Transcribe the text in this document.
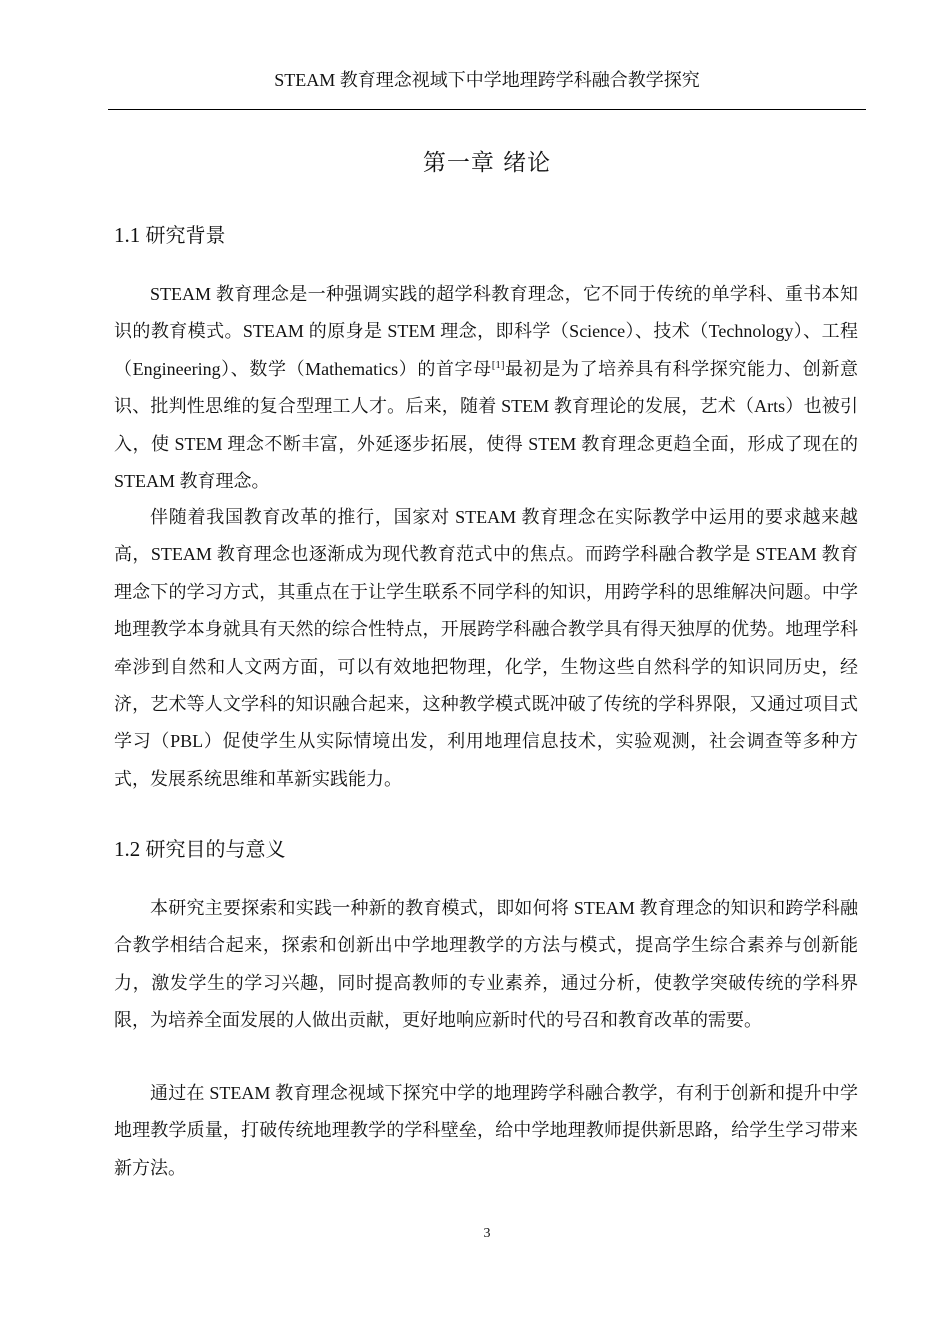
STEAM 教育理念视域下中学地理跨学科融合教学探究
第一章 绪论
1.1 研究背景

STEAM 教育理念是一种强调实践的超学科教育理念，它不同于传统的单学科、重书本知识的教育模式。STEAM 的原身是 STEM 理念，即科学（Science）、技术（Technology）、工程（Engineering）、数学（Mathematics）的首字母[1]最初是为了培养具有科学探究能力、创新意识、批判性思维的复合型理工人才。后来，随着 STEM 教育理论的发展，艺术（Arts）也被引入，使 STEM 理念不断丰富，外延逐步拓展，使得 STEM 教育理念更趋全面，形成了现在的 STEAM 教育理念。

伴随着我国教育改革的推行，国家对 STEAM 教育理念在实际教学中运用的要求越来越高，STEAM 教育理念也逐渐成为现代教育范式中的焦点。而跨学科融合教学是 STEAM 教育理念下的学习方式，其重点在于让学生联系不同学科的知识，用跨学科的思维解决问题。中学地理教学本身就具有天然的综合性特点，开展跨学科融合教学具有得天独厚的优势。地理学科牵涉到自然和人文两方面，可以有效地把物理，化学，生物这些自然科学的知识同历史，经济，艺术等人文学科的知识融合起来，这种教学模式既冲破了传统的学科界限，又通过项目式学习（PBL）促使学生从实际情境出发，利用地理信息技术，实验观测，社会调查等多种方式，发展系统思维和革新实践能力。

1.2 研究目的与意义

本研究主要探索和实践一种新的教育模式，即如何将 STEAM 教育理念的知识和跨学科融合教学相结合起来，探索和创新出中学地理教学的方法与模式，提高学生综合素养与创新能力，激发学生的学习兴趣，同时提高教师的专业素养，通过分析，使教学突破传统的学科界限，为培养全面发展的人做出贡献，更好地响应新时代的号召和教育改革的需要。

通过在 STEAM 教育理念视域下探究中学的地理跨学科融合教学，有利于创新和提升中学地理教学质量，打破传统地理教学的学科壁垒，给中学地理教师提供新思路，给学生学习带来新方法。

3
